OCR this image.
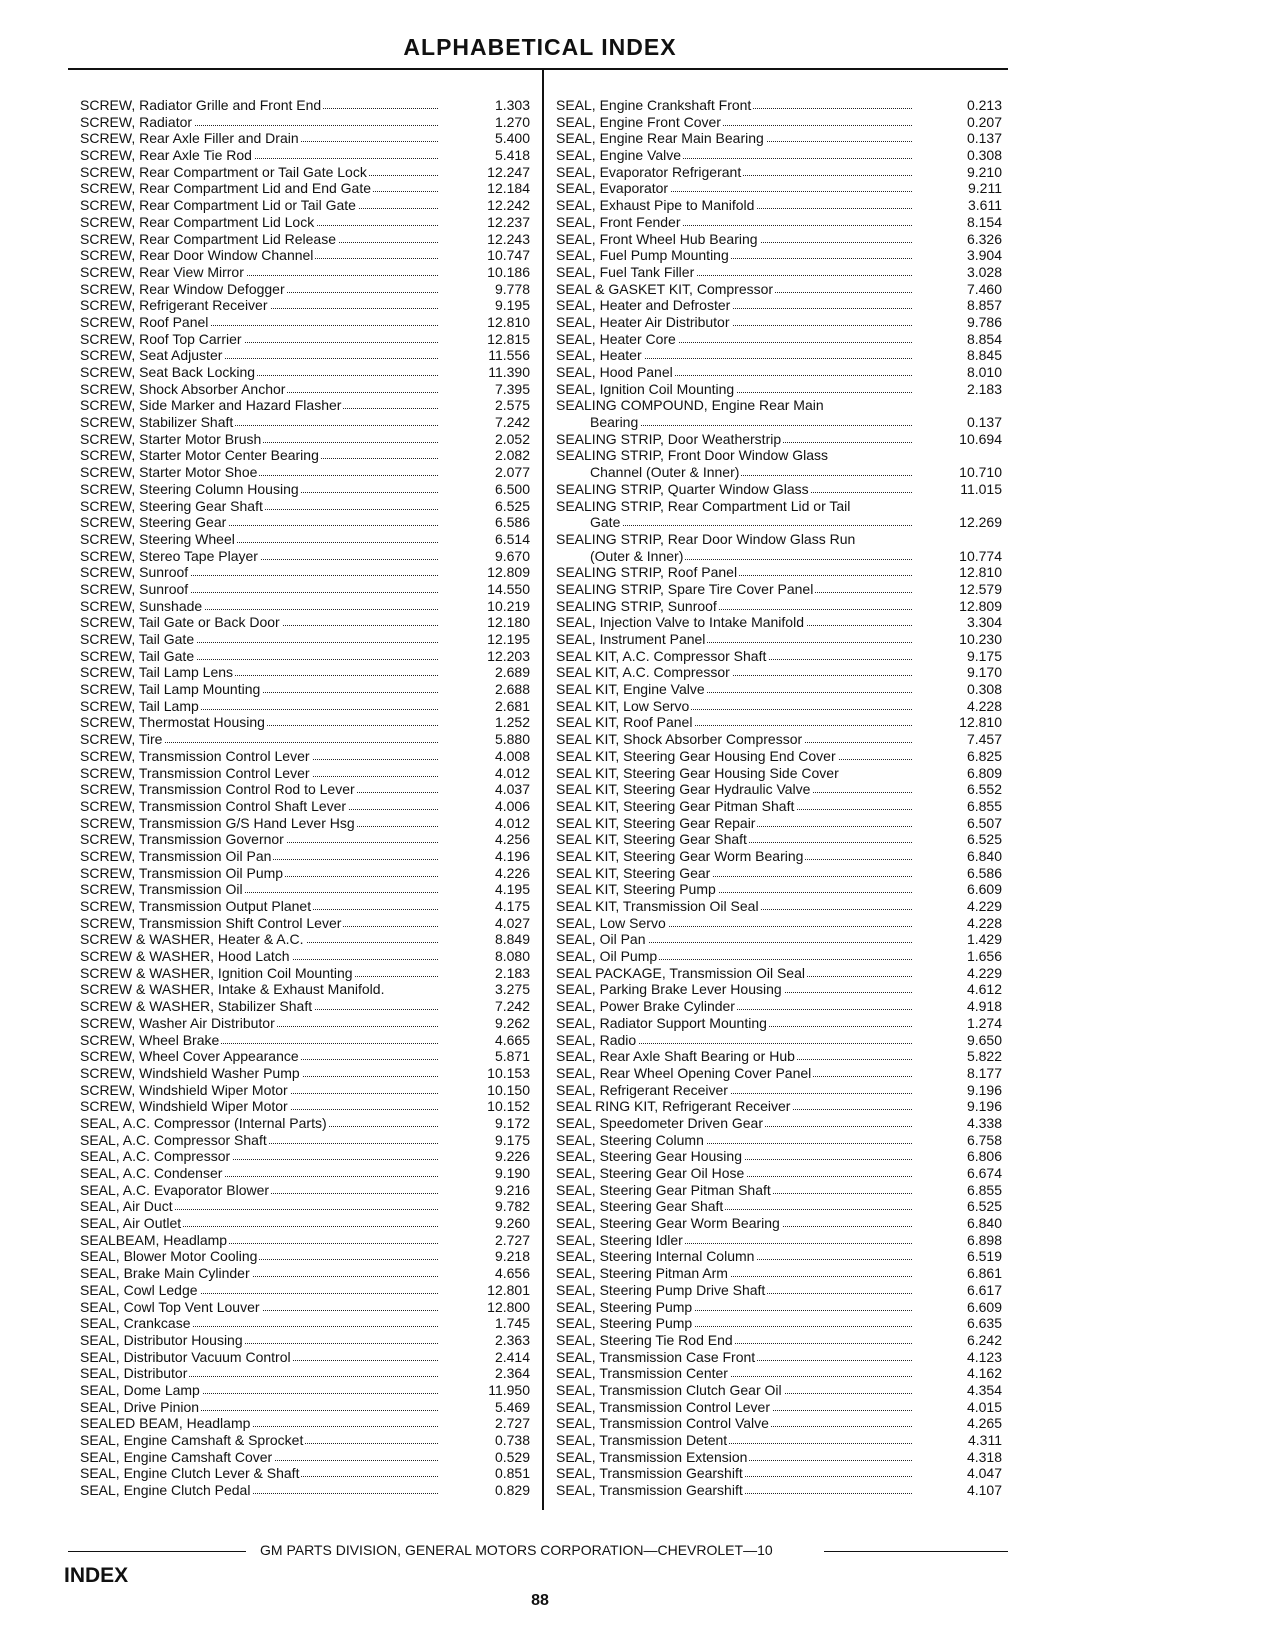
ALPHABETICAL INDEX
SCREW, Radiator Grille and Front End	1.303
SCREW, Radiator	1.270
SCREW, Rear Axle Filler and Drain	5.400
SCREW, Rear Axle Tie Rod	5.418
SCREW, Rear Compartment or Tail Gate Lock	12.247
SCREW, Rear Compartment Lid and End Gate	12.184
SCREW, Rear Compartment Lid or Tail Gate	12.242
SCREW, Rear Compartment Lid Lock	12.237
SCREW, Rear Compartment Lid Release	12.243
SCREW, Rear Door Window Channel	10.747
SCREW, Rear View Mirror	10.186
SCREW, Rear Window Defogger	9.778
SCREW, Refrigerant Receiver	9.195
SCREW, Roof Panel	12.810
SCREW, Roof Top Carrier	12.815
SCREW, Seat Adjuster	11.556
SCREW, Seat Back Locking	11.390
SCREW, Shock Absorber Anchor	7.395
SCREW, Side Marker and Hazard Flasher	2.575
SCREW, Stabilizer Shaft	7.242
SCREW, Starter Motor Brush	2.052
SCREW, Starter Motor Center Bearing	2.082
SCREW, Starter Motor Shoe	2.077
SCREW, Steering Column Housing	6.500
SCREW, Steering Gear Shaft	6.525
SCREW, Steering Gear	6.586
SCREW, Steering Wheel	6.514
SCREW, Stereo Tape Player	9.670
SCREW, Sunroof	12.809
SCREW, Sunroof	14.550
SCREW, Sunshade	10.219
SCREW, Tail Gate or Back Door	12.180
SCREW, Tail Gate	12.195
SCREW, Tail Gate	12.203
SCREW, Tail Lamp Lens	2.689
SCREW, Tail Lamp Mounting	2.688
SCREW, Tail Lamp	2.681
SCREW, Thermostat Housing	1.252
SCREW, Tire	5.880
SCREW, Transmission Control Lever	4.008
SCREW, Transmission Control Lever	4.012
SCREW, Transmission Control Rod to Lever	4.037
SCREW, Transmission Control Shaft Lever	4.006
SCREW, Transmission G/S Hand Lever Hsg	4.012
SCREW, Transmission Governor	4.256
SCREW, Transmission Oil Pan	4.196
SCREW, Transmission Oil Pump	4.226
SCREW, Transmission Oil	4.195
SCREW, Transmission Output Planet	4.175
SCREW, Transmission Shift Control Lever	4.027
SCREW & WASHER, Heater & A.C.	8.849
SCREW & WASHER, Hood Latch	8.080
SCREW & WASHER, Ignition Coil Mounting	2.183
SCREW & WASHER, Intake & Exhaust Manifold.	3.275
SCREW & WASHER, Stabilizer Shaft	7.242
SCREW, Washer Air Distributor	9.262
SCREW, Wheel Brake	4.665
SCREW, Wheel Cover Appearance	5.871
SCREW, Windshield Washer Pump	10.153
SCREW, Windshield Wiper Motor	10.150
SCREW, Windshield Wiper Motor	10.152
SEAL, A.C. Compressor (Internal Parts)	9.172
SEAL, A.C. Compressor Shaft	9.175
SEAL, A.C. Compressor	9.226
SEAL, A.C. Condenser	9.190
SEAL, A.C. Evaporator Blower	9.216
SEAL, Air Duct	9.782
SEAL, Air Outlet	9.260
SEALBEAM, Headlamp	2.727
SEAL, Blower Motor Cooling	9.218
SEAL, Brake Main Cylinder	4.656
SEAL, Cowl Ledge	12.801
SEAL, Cowl Top Vent Louver	12.800
SEAL, Crankcase	1.745
SEAL, Distributor Housing	2.363
SEAL, Distributor Vacuum Control	2.414
SEAL, Distributor	2.364
SEAL, Dome Lamp	11.950
SEAL, Drive Pinion	5.469
SEALED BEAM, Headlamp	2.727
SEAL, Engine Camshaft & Sprocket	0.738
SEAL, Engine Camshaft Cover	0.529
SEAL, Engine Clutch Lever & Shaft	0.851
SEAL, Engine Clutch Pedal	0.829
SEAL, Engine Crankshaft Front	0.213
SEAL, Engine Front Cover	0.207
SEAL, Engine Rear Main Bearing	0.137
SEAL, Engine Valve	0.308
SEAL, Evaporator Refrigerant	9.210
SEAL, Evaporator	9.211
SEAL, Exhaust Pipe to Manifold	3.611
SEAL, Front Fender	8.154
SEAL, Front Wheel Hub Bearing	6.326
SEAL, Fuel Pump Mounting	3.904
SEAL, Fuel Tank Filler	3.028
SEAL & GASKET KIT, Compressor	7.460
SEAL, Heater and Defroster	8.857
SEAL, Heater Air Distributor	9.786
SEAL, Heater Core	8.854
SEAL, Heater	8.845
SEAL, Hood Panel	8.010
SEAL, Ignition Coil Mounting	2.183
SEALING COMPOUND, Engine Rear Main
Bearing	0.137
SEALING STRIP, Door Weatherstrip	10.694
SEALING STRIP, Front Door Window Glass
Channel (Outer & Inner)	10.710
SEALING STRIP, Quarter Window Glass	11.015
SEALING STRIP, Rear Compartment Lid or Tail
Gate	12.269
SEALING STRIP, Rear Door Window Glass Run
(Outer & Inner)	10.774
SEALING STRIP, Roof Panel	12.810
SEALING STRIP, Spare Tire Cover Panel	12.579
SEALING STRIP, Sunroof	12.809
SEAL, Injection Valve to Intake Manifold	3.304
SEAL, Instrument Panel	10.230
SEAL KIT, A.C. Compressor Shaft	9.175
SEAL KIT, A.C. Compressor	9.170
SEAL KIT, Engine Valve	0.308
SEAL KIT, Low Servo	4.228
SEAL KIT, Roof Panel	12.810
SEAL KIT, Shock Absorber Compressor	7.457
SEAL KIT, Steering Gear Housing End Cover	6.825
SEAL KIT, Steering Gear Housing Side Cover	6.809
SEAL KIT, Steering Gear Hydraulic Valve	6.552
SEAL KIT, Steering Gear Pitman Shaft	6.855
SEAL KIT, Steering Gear Repair	6.507
SEAL KIT, Steering Gear Shaft	6.525
SEAL KIT, Steering Gear Worm Bearing	6.840
SEAL KIT, Steering Gear	6.586
SEAL KIT, Steering Pump	6.609
SEAL KIT, Transmission Oil Seal	4.229
SEAL, Low Servo	4.228
SEAL, Oil Pan	1.429
SEAL, Oil Pump	1.656
SEAL PACKAGE, Transmission Oil Seal	4.229
SEAL, Parking Brake Lever Housing	4.612
SEAL, Power Brake Cylinder	4.918
SEAL, Radiator Support Mounting	1.274
SEAL, Radio	9.650
SEAL, Rear Axle Shaft Bearing or Hub	5.822
SEAL, Rear Wheel Opening Cover Panel	8.177
SEAL, Refrigerant Receiver	9.196
SEAL RING KIT, Refrigerant Receiver	9.196
SEAL, Speedometer Driven Gear	4.338
SEAL, Steering Column	6.758
SEAL, Steering Gear Housing	6.806
SEAL, Steering Gear Oil Hose	6.674
SEAL, Steering Gear Pitman Shaft	6.855
SEAL, Steering Gear Shaft	6.525
SEAL, Steering Gear Worm Bearing	6.840
SEAL, Steering Idler	6.898
SEAL, Steering Internal Column	6.519
SEAL, Steering Pitman Arm	6.861
SEAL, Steering Pump Drive Shaft	6.617
SEAL, Steering Pump	6.609
SEAL, Steering Pump	6.635
SEAL, Steering Tie Rod End	6.242
SEAL, Transmission Case Front	4.123
SEAL, Transmission Center	4.162
SEAL, Transmission Clutch Gear Oil	4.354
SEAL, Transmission Control Lever	4.015
SEAL, Transmission Control Valve	4.265
SEAL, Transmission Detent	4.311
SEAL, Transmission Extension	4.318
SEAL, Transmission Gearshift	4.047
SEAL, Transmission Gearshift	4.107
GM PARTS DIVISION, GENERAL MOTORS CORPORATION—CHEVROLET—10
INDEX
88
